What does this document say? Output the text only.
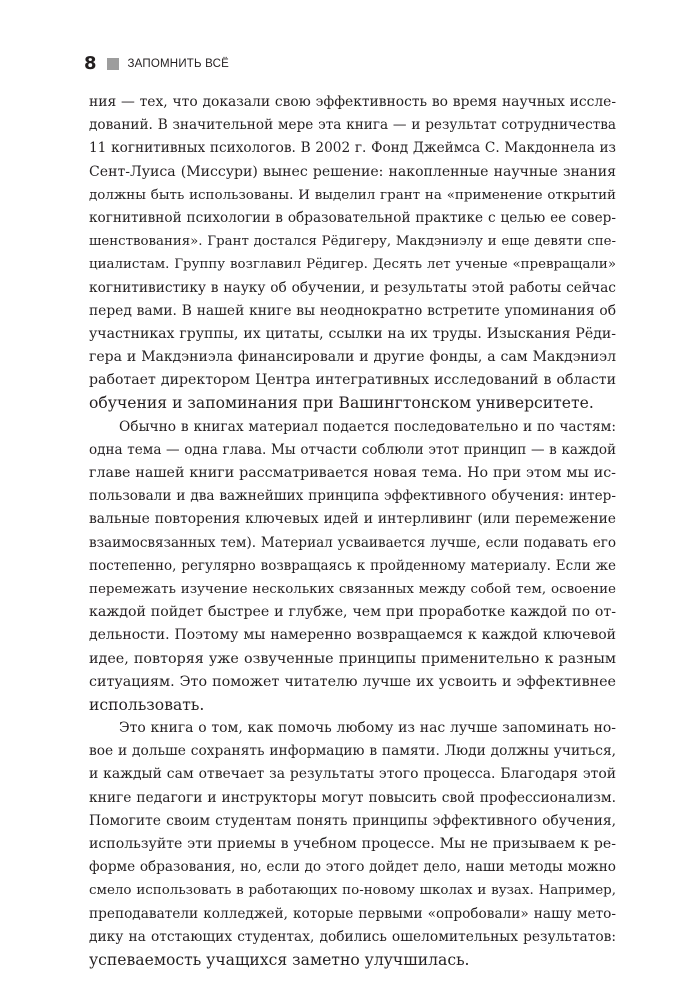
8	ЗАПОМНИТЬ ВСЁ
ния — тех, что доказали свою эффективность во время научных иссле-
дований. В значительной мере эта книга — и результат сотрудничества
11 когнитивных психологов. В 2002 г. Фонд Джеймса С. Макдоннела из
Сент-Луиса (Миссури) вынес решение: накопленные научные знания
должны быть использованы. И выделил грант на «применение открытий
когнитивной психологии в образовательной практике с целью ее совер-
шенствования». Грант достался Рёдигеру, Макдэниэлу и еще девяти спе-
циалистам. Группу возглавил Рёдигер. Десять лет ученые «превращали»
когнитивистику в науку об обучении, и результаты этой работы сейчас
перед вами. В нашей книге вы неоднократно встретите упоминания об
участниках группы, их цитаты, ссылки на их труды. Изыскания Рёди-
гера и Макдэниэла финансировали и другие фонды, а сам Макдэниэл
работает директором Центра интегративных исследований в области
обучения и запоминания при Вашингтонском университете.
Обычно в книгах материал подается последовательно и по частям:
одна тема — одна глава. Мы отчасти соблюли этот принцип — в каждой
главе нашей книги рассматривается новая тема. Но при этом мы ис-
пользовали и два важнейших принципа эффективного обучения: интер-
вальные повторения ключевых идей и интерливинг (или перемежение
взаимосвязанных тем). Материал усваивается лучше, если подавать его
постепенно, регулярно возвращаясь к пройденному материалу. Если же
перемежать изучение нескольких связанных между собой тем, освоение
каждой пойдет быстрее и глубже, чем при проработке каждой по от-
дельности. Поэтому мы намеренно возвращаемся к каждой ключевой
идее, повторяя уже озвученные принципы применительно к разным
ситуациям. Это поможет читателю лучше их усвоить и эффективнее
использовать.
Это книга о том, как помочь любому из нас лучше запоминать но-
вое и дольше сохранять информацию в памяти. Люди должны учиться,
и каждый сам отвечает за результаты этого процесса. Благодаря этой
книге педагоги и инструкторы могут повысить свой профессионализм.
Помогите своим студентам понять принципы эффективного обучения,
используйте эти приемы в учебном процессе. Мы не призываем к ре-
форме образования, но, если до этого дойдет дело, наши методы можно
смело использовать в работающих по-новому школах и вузах. Например,
преподаватели колледжей, которые первыми «опробовали» нашу мето-
дику на отстающих студентах, добились ошеломительных результатов:
успеваемость учащихся заметно улучшилась.
